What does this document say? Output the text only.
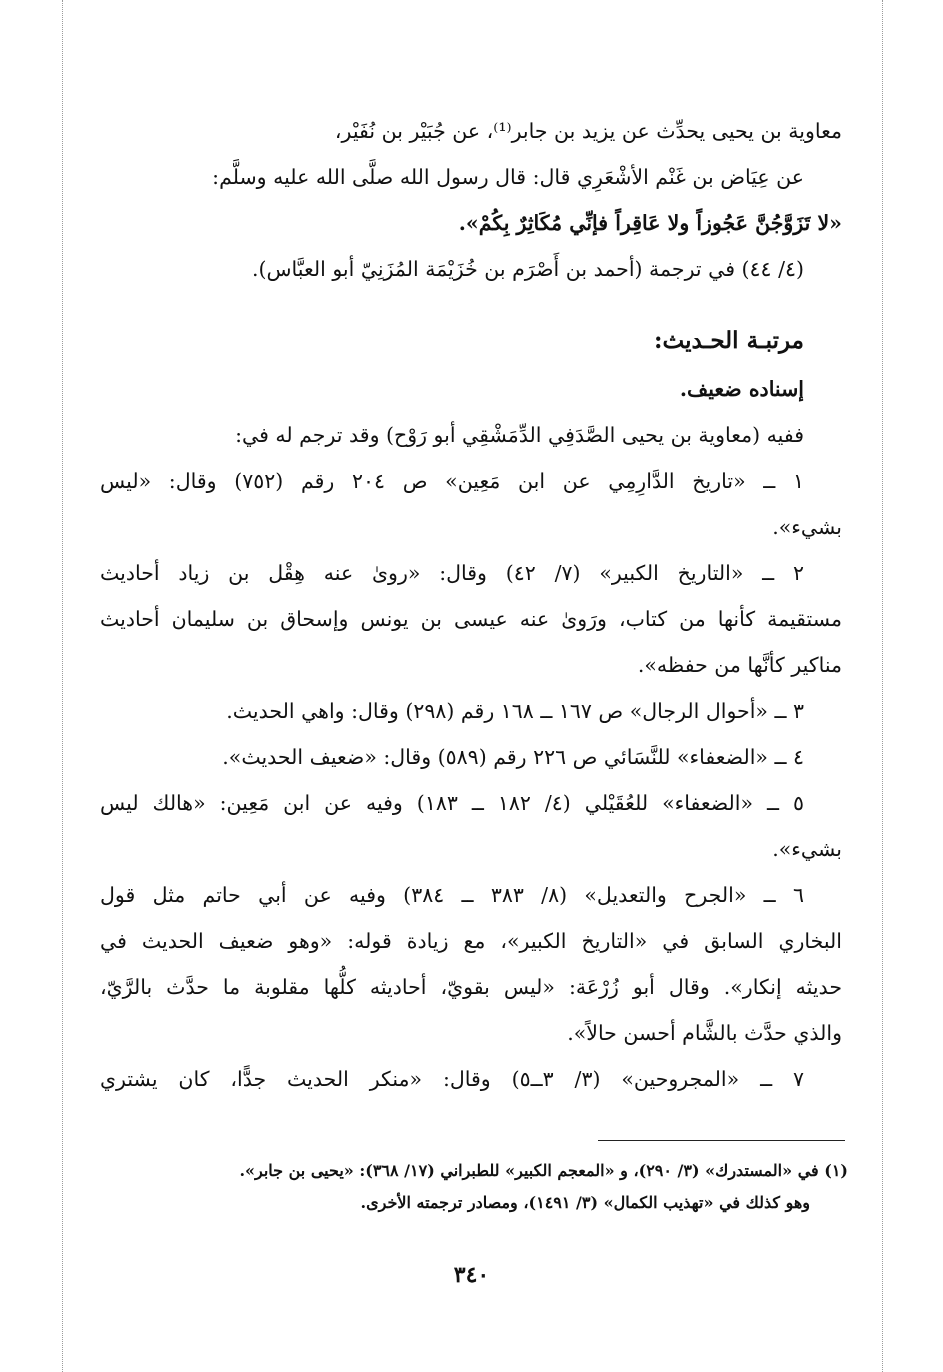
معاوية بن يحيى يحدِّث عن يزيد بن جابر⁽¹⁾، عن جُبَيْر بن نُفَيْر،
عن عِيَاض بن غَنْم الأشْعَرِي قال: قال رسول الله صلَّى الله عليه وسلَّم:
«لا تَزَوَّجُنَّ عَجُوزاً ولا عَاقِراً فإنِّي مُكَاثِرٌ بِكُمْ».
(٤/ ٤٤) في ترجمة (أحمد بن أَصْرَم بن خُزَيْمَة المُزَنِيّ أبو العبَّاس).
مرتبـة الحـديث:
إسناده ضعيف.
ففيه (معاوية بن يحيى الصَّدَفِي الدِّمَشْقِي أبو رَوْح) وقد ترجم له في:
١ ــ «تاريخ الدَّارِمِي عن ابن مَعِين» ص ٢٠٤ رقم (٧٥٢) وقال: «ليس
بشيء».
٢ ــ «التاريخ الكبير» (٧/ ٤٢) وقال: «روىٰ عنه هِقْل بن زياد أحاديث
مستقيمة كأنها من كتاب، ورَوىٰ عنه عيسى بن يونس وإسحاق بن سليمان أحاديث
مناكير كأنَّها من حفظه».
٣ ــ «أحوال الرجال» ص ١٦٧ ــ ١٦٨ رقم (٢٩٨) وقال: واهي الحديث.
٤ ــ «الضعفاء» للنَّسَائي ص ٢٢٦ رقم (٥٨٩) وقال: «ضعيف الحديث».
٥ ــ «الضعفاء» للعُقَيْلي (٤/ ١٨٢ ــ ١٨٣) وفيه عن ابن مَعِين: «هالك ليس
بشيء».
٦ ــ «الجرح والتعديل» (٨/ ٣٨٣ ــ ٣٨٤) وفيه عن أبي حاتم مثل قول
البخاري السابق في «التاريخ الكبير»، مع زيادة قوله: «وهو ضعيف الحديث في
حديثه إنكار». وقال أبو زُرْعَة: «ليس بقويّ، أحاديثه كلُّها مقلوبة ما حدَّث بالرَّيّ،
والذي حدَّث بالشَّام أحسن حالاً».
٧ ــ «المجروحين» (٣/ ٣ــ٥) وقال: «منكر الحديث جدًّا، كان يشتري
(١) في «المستدرك» (٣/ ٢٩٠)، و «المعجم الكبير» للطبراني (١٧/ ٣٦٨): «يحيى بن جابر».
وهو كذلك في «تهذيب الكمال» (٣/ ١٤٩١)، ومصادر ترجمته الأخرى.
٣٤٠
